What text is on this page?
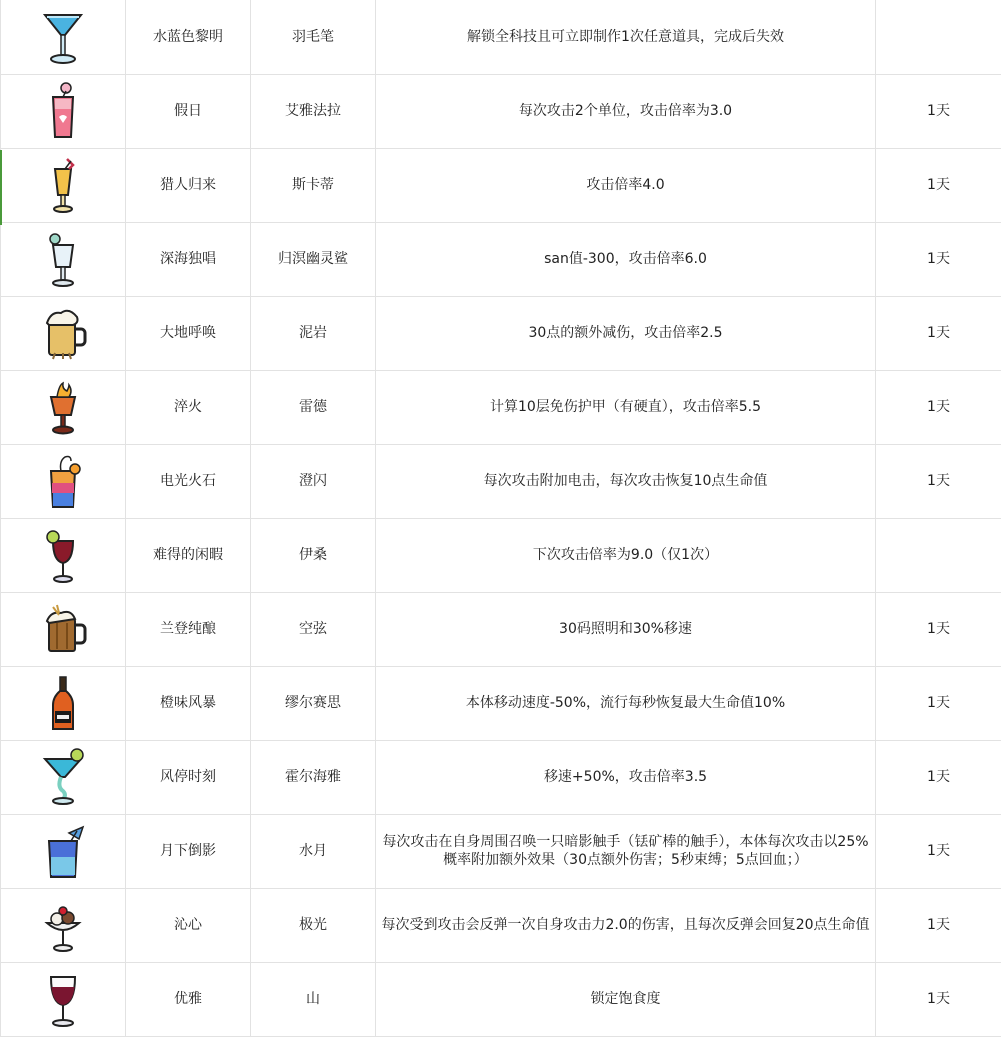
	水蓝色黎明	羽毛笔	解锁全科技且可立即制作1次任意道具，完成后失效	

	假日	艾雅法拉	每次攻击2个单位，攻击倍率为3.0	1天

	猎人归来	斯卡蒂	攻击倍率4.0	1天

	深海独唱	归溟幽灵鲨	san值-300，攻击倍率6.0	1天

	大地呼唤	泥岩	30点的额外减伤，攻击倍率2.5	1天

	淬火	雷德	计算10层免伤护甲（有硬直），攻击倍率5.5	1天

	电光火石	澄闪	每次攻击附加电击，每次攻击恢复10点生命值	1天

	难得的闲暇	伊桑	下次攻击倍率为9.0（仅1次）	

	兰登纯酿	空弦	30码照明和30%移速	1天

	橙味风暴	缪尔赛思	本体移动速度-50%，流行每秒恢复最大生命值10%	1天

	风停时刻	霍尔海雅	移速+50%，攻击倍率3.5	1天

	月下倒影	水月	每次攻击在自身周围召唤一只暗影触手（铥矿棒的触手），本体每次攻击以25%概率附加额外效果（30点额外伤害；5秒束缚；5点回血；）	1天

	沁心	极光	每次受到攻击会反弹一次自身攻击力2.0的伤害，且每次反弹会回复20点生命值	1天

	优雅	山	锁定饱食度	1天
